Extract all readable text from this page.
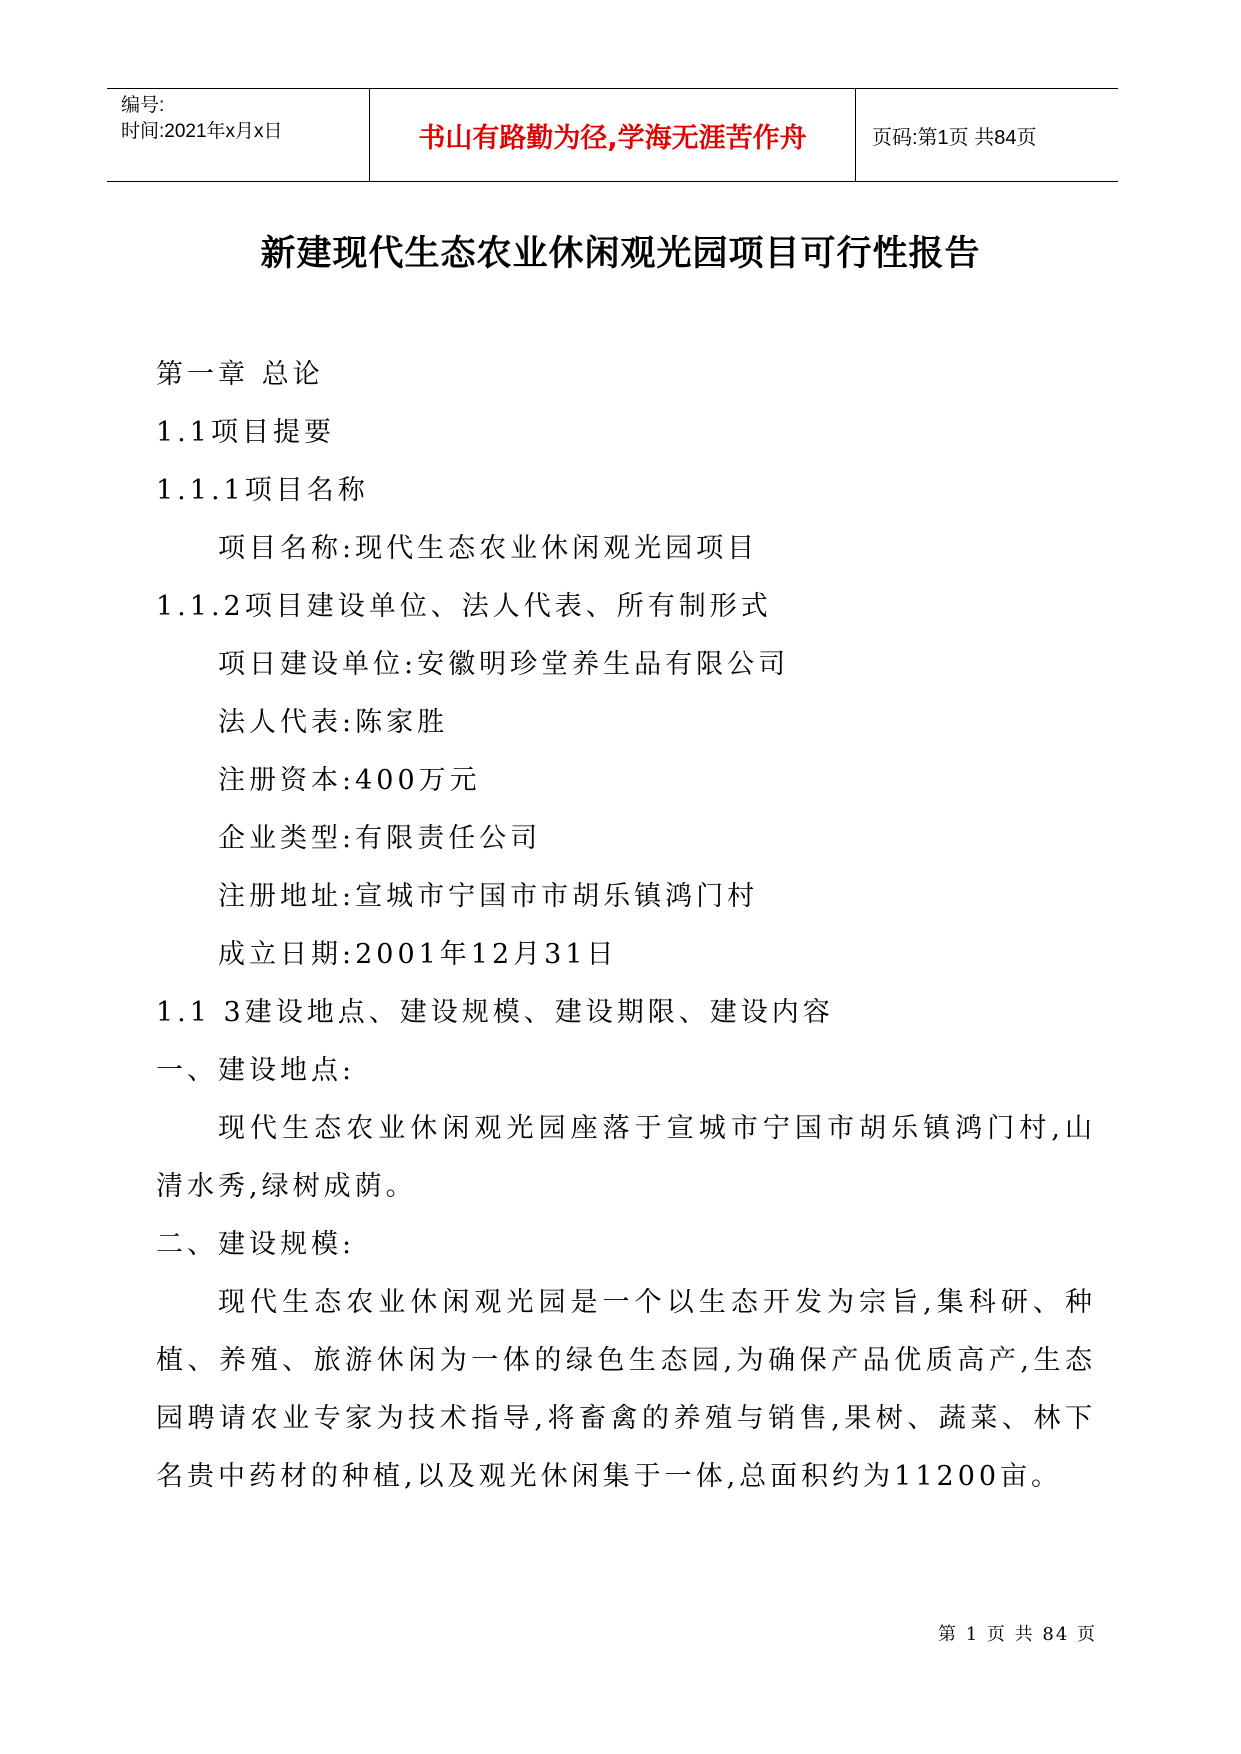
编号:
时间:2021年x月x日	书山有路勤为径,学海无涯苦作舟	页码:第1页 共84页
新建现代生态农业休闲观光园项目可行性报告
第一章 总论
1.1项目提要
1.1.1项目名称
项目名称:现代生态农业休闲观光园项目
1.1.2项目建设单位、法人代表、所有制形式
项日建设单位:安徽明珍堂养生品有限公司
法人代表:陈家胜
注册资本:400万元
企业类型:有限责任公司
注册地址:宣城市宁国市市胡乐镇鸿门村
成立日期:2001年12月31日
1.1 3建设地点、建设规模、建设期限、建设内容
一、建设地点:

现代生态农业休闲观光园座落于宣城市宁国市胡乐镇鸿门村,山清水秀,绿树成荫。

二、建设规模:

现代生态农业休闲观光园是一个以生态开发为宗旨,集科研、种植、养殖、旅游休闲为一体的绿色生态园,为确保产品优质高产,生态园聘请农业专家为技术指导,将畜禽的养殖与销售,果树、蔬菜、林下名贵中药材的种植,以及观光休闲集于一体,总面积约为11200亩。

第 1 页 共 84 页
